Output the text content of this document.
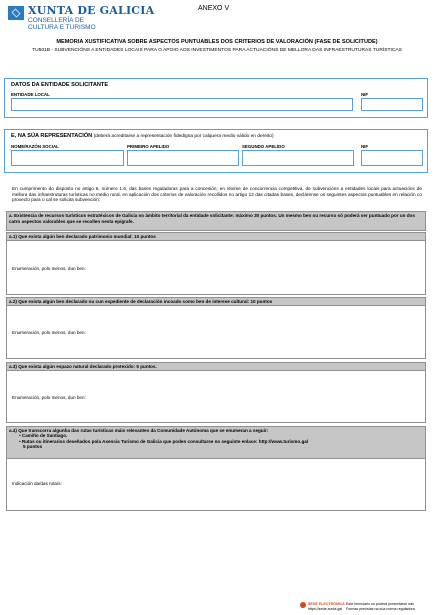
XUNTA DE GALICIA
CONSELLERÍA DE
CULTURA E TURISMO
ANEXO V
MEMORIA XUSTIFICATIVA SOBRE ASPECTOS PUNTUABLES DOS CRITERIOS DE VALORACIÓN (FASE DE SOLICITUDE)
TU501B - SUBVENCIÓNS A ENTIDADES LOCAIS PARA O APOIO AOS INVESTIMENTOS PARA ACTUACIÓNS DE MELLORA DAS INFRAESTRUTURAS TURÍSTICAS
DATOS DA ENTIDADE SOLICITANTE
ENTIDADE LOCAL	NIF
E, NA SÚA REPRESENTACIÓN (deberá acreditarse a representación fidedigna por calquera medio válido en dereito)
NOME/RAZÓN SOCIAL	PRIMEIRO APELIDO	SEGUNDO APELIDO	NIF
En cumprimento do disposto no artigo 6, número 1.6, das bases reguladoras para a concesión, en réxime de concorrencia competitiva, de subvencións a entidades locais para actuacións de mellora das infraestruturas turísticas no medio rural, en aplicación dos criterios de valoración recollidos no artigo 13 das citadas bases, declárense os seguintes aspectos puntuables en relación co proxecto para o cal se solicita subvención:
a. Existencia de recursos turísticos estratéxicos de Galicia no ámbito territorial da entidade solicitante: máximo 30 puntos. Un mesmo ben ou recurso só poderá ser puntuado por un dos catro aspectos valorables que se recollen nesta epígrafe.
a.1) Que exista algún ben declarado patrimonio mundial: 10 puntos
Enumeración, polo menos, dun ben:
a.2) Que exista algún ben declarado ou cun expediente de declaración incoado como ben de interese cultural: 10 puntos
Enumeración, polo menos, dun ben:
a.3) Que exista algún espazo natural declarado protexido: 5 puntos.
Enumeración, polo menos, dun ben:
a.4) Que transcorra algunha das rutas turísticas máis relevantes da Comunidade Autónoma que se enumeran a seguir:
• Camiño de Santiago.
• Rutas ou itinerarios deseñados pola Axencia Turismo de Galicia que poden consultarse no seguinte enlace: http://www.turismo.gal
5 puntos
Indicación da/das ruta/s:
SEDE ELECTRÓNICA Este formulario só poderá presentarse nas
https://sede.xunta.gal Formas previstas na súa norma reguladora
